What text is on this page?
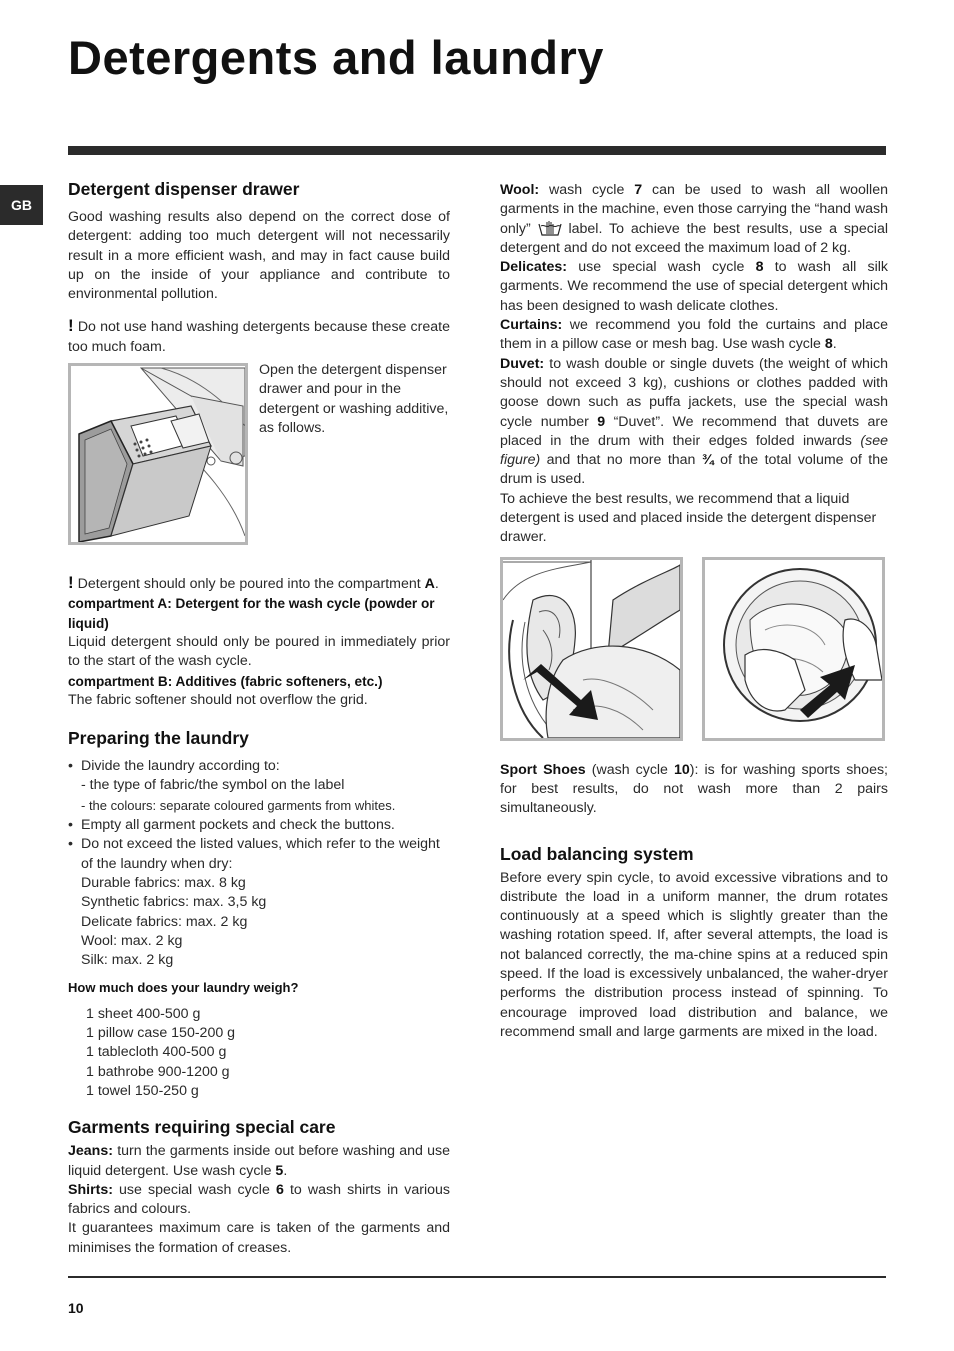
Detergents and laundry
GB
Detergent dispenser drawer

Good washing results also depend on the correct dose of detergent: adding too much detergent will not necessarily result in a more efficient wash, and may in fact cause build up on the inside of your appliance and contribute to environmental pollution.

! Do not use hand washing detergents because these create too much foam.

Open the detergent dispenser drawer and pour in the detergent or washing additive, as follows.

! Detergent should only be poured into the compartment A.

compartment A: Detergent for the wash cycle (powder or liquid)

Liquid detergent should only be poured in immediately prior to the start of the wash cycle.

compartment B: Additives (fabric softeners, etc.)

The fabric softener should not overflow the grid.

Preparing the laundry
• Divide the laundry according to:
- the type of fabric/the symbol on the label
- the colours: separate coloured garments from whites.
• Empty all garment pockets and check the buttons.
• Do not exceed the listed values, which refer to the weight of the laundry when dry:
Durable fabrics: max. 8 kg
Synthetic fabrics: max. 3,5 kg
Delicate fabrics: max. 2 kg
Wool: max. 2 kg
Silk: max. 2 kg

How much does your laundry weigh?

1 sheet 400-500 g
1 pillow case 150-200 g
1 tablecloth 400-500 g
1 bathrobe 900-1200 g
1 towel 150-250 g
Garments requiring special care

Jeans: turn the garments inside out before washing and use liquid detergent. Use wash cycle 5.

Shirts: use special wash cycle 6 to wash shirts in various fabrics and colours.

It guarantees maximum care is taken of the garments and minimises the formation of creases.

Wool: wash cycle 7 can be used to wash all woollen garments in the machine, even those carrying the “hand wash only”	label. To achieve the best results, use a special detergent and do not exceed the maximum load of 2 kg.

Delicates: use special wash cycle 8 to wash all silk garments. We recommend the use of special detergent which has been designed to wash delicate clothes.

Curtains: we recommend you fold the curtains and place them in a pillow case or mesh bag. Use wash cycle 8.

Duvet: to wash double or single duvets (the weight of which should not exceed 3 kg), cushions or clothes padded with goose down such as puffa jackets, use the special wash cycle number 9 “Duvet”. We recommend that duvets are placed in the drum with their edges folded inwards (see figure) and that no more than ¾ of the total volume of the drum is used.

To achieve the best results, we recommend that a liquid detergent is used and placed inside the detergent dispenser drawer.

Sport Shoes (wash cycle 10): is for washing sports shoes; for best results, do not wash more than 2 pairs simultaneously.

Load balancing system

Before every spin cycle, to avoid excessive vibrations and to distribute the load in a uniform manner, the drum rotates continuously at a speed which is slightly greater than the washing rotation speed. If, after several attempts, the load is not balanced correctly, the ma-chine spins at a reduced spin speed. If the load is excessively unbalanced, the waher-dryer performs the distribution process instead of spinning. To encourage improved load distribution and balance, we recommend small and large garments are mixed in the load.

10
